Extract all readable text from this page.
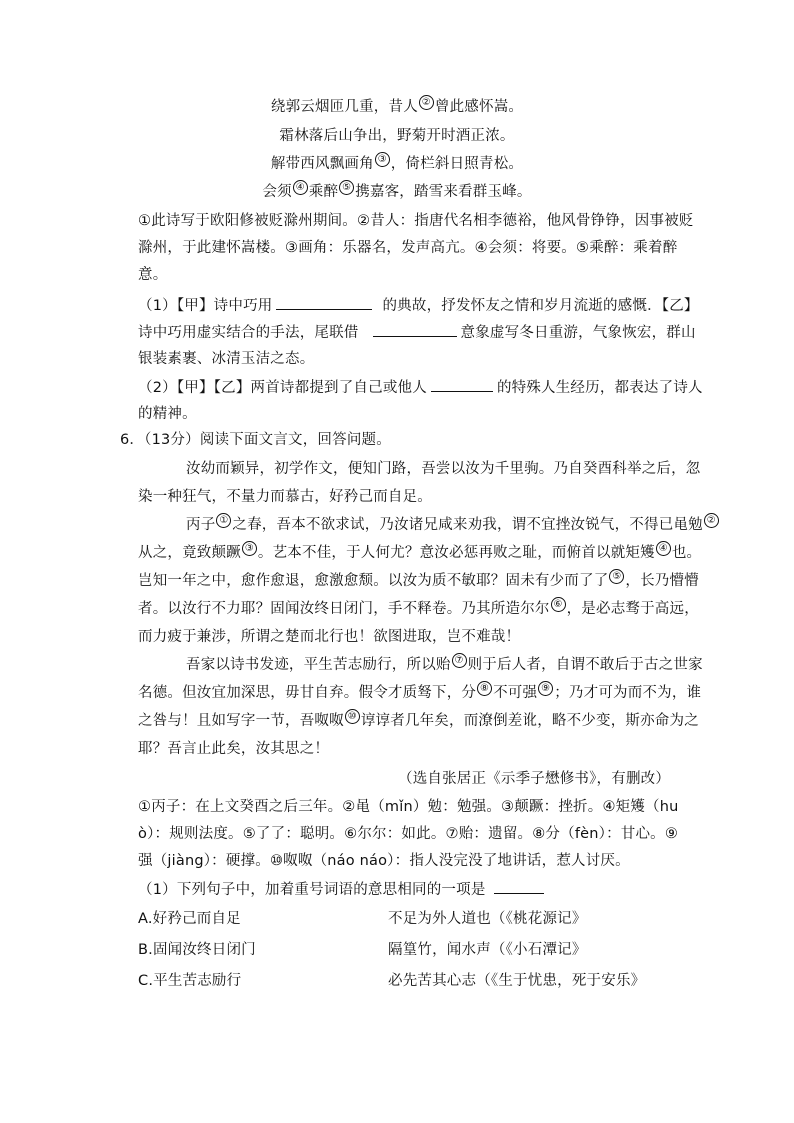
绕郭云烟匝几重，昔人 ② 曾此感怀嵩。
霜林落后山争出，野菊开时酒正浓。
解带西风飘画角 ③ ，倚栏斜日照青松。
会须 ④ 乘醉 ⑤ 携嘉客，踏雪来看群玉峰。
①此诗写于欧阳修被贬滁州期间。②昔人：指唐代名相李德裕，他风骨铮铮，因事被贬
滁州，于此建怀嵩楼。③画角：乐器名，发声高亢。④会须：将要。⑤乘醉：乘着醉
意。
（1）【甲】诗中巧用	的典故，抒发怀友之情和岁月流逝的感慨．【乙】
诗中巧用虚实结合的手法，尾联借	意象虚写冬日重游，气象恢宏，群山
银装素裹、冰清玉洁之态。
（2）【甲】【乙】两首诗都提到了自己或他人	的特殊人生经历，都表达了诗人
的精神。
6．（13分）阅读下面文言文，回答问题。
汝幼而颖异，初学作文，便知门路，吾尝以汝为千里驹。乃自癸酉科举之后，忽
染一种狂气，不量力而慕古，好矜己而自足。
丙子 ① 之春，吾本不欲求试，乃汝诸兄咸来劝我，谓不宜挫汝锐气，不得已黾勉 ②
从之，竟致颠蹶 ③ 。艺本不佳，于人何尤？意汝必惩再败之耻，而俯首以就矩矱 ④ 也。
岂知一年之中，愈作愈退，愈激愈颓。以汝为质不敏耶？固未有少而了了 ⑤ ，长乃懵懵
者。以汝行不力耶？固闻汝终日闭门，手不释卷。乃其所造尔尔 ⑥ ，是必志骛于高远，
而力疲于兼涉，所谓之楚而北行也！欲图进取，岂不难哉！
吾家以诗书发迹，平生苦志励行，所以贻 ⑦ 则于后人者，自谓不敢后于古之世家
名德。但汝宜加深思，毋甘自弃。假令才质驽下，分 ⑧ 不可强 ⑨ ；乃才可为而不为，谁
之咎与！且如写字一节，吾呶呶 ⑩ 谆谆者几年矣，而潦倒差讹，略不少变，斯亦命为之
耶？吾言止此矣，汝其思之！
（选自张居正《示季子懋修书》，有删改）
①丙子：在上文癸酉之后三年。②黾（mǐn）勉：勉强。③颠蹶：挫折。④矩矱（hu
ò）：规则法度。⑤了了：聪明。⑥尔尔：如此。⑦贻：遗留。⑧分（fèn）：甘心。⑨
强（jiàng）：硬撑。⑩呶呶（náo náo）：指人没完没了地讲话，惹人讨厌。
（1）下列句子中，加着重号词语的意思相同的一项是
A.好矜己而自足	不足为外人道也（《桃花源记》
B.固闻汝终日闭门	隔篁竹，闻水声（《小石潭记》
C.平生苦志励行	必先苦其心志（《生于忧患，死于安乐》
